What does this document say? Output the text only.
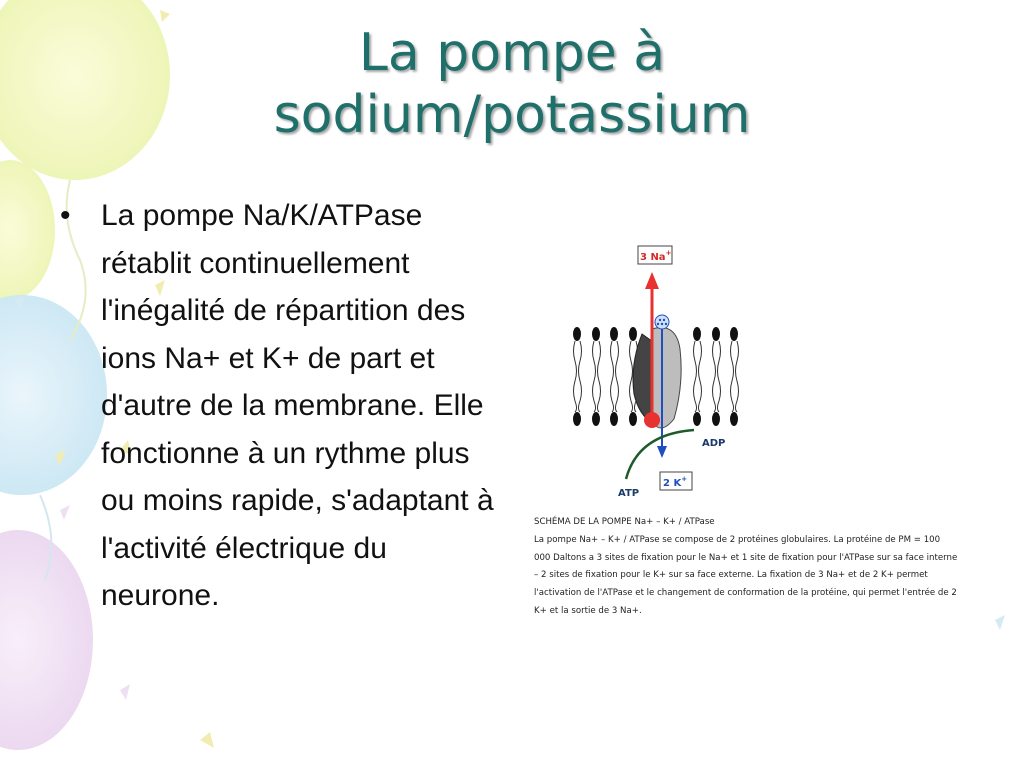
La pompe à
sodium/potassium
• La pompe Na/K/ATPase rétablit continuellement l'inégalité de répartition des ions Na+ et K+ de part et d'autre de la membrane. Elle fonctionne à un rythme plus ou moins rapide, s'adaptant à l'activité électrique du neurone.
3 Na+
ADP
ATP
2 K+
SCHÉMA DE LA POMPE Na+ – K+ / ATPase
La pompe Na+ – K+ / ATPase se compose de 2 protéines globulaires. La protéine de PM = 100 000 Daltons a 3 sites de fixation pour le Na+ et 1 site de fixation pour l'ATPase sur sa face interne – 2 sites de fixation pour le K+ sur sa face externe. La fixation de 3 Na+ et de 2 K+ permet l'activation de l'ATPase et le changement de conformation de la protéine, qui permet l'entrée de 2 K+ et la sortie de 3 Na+.
